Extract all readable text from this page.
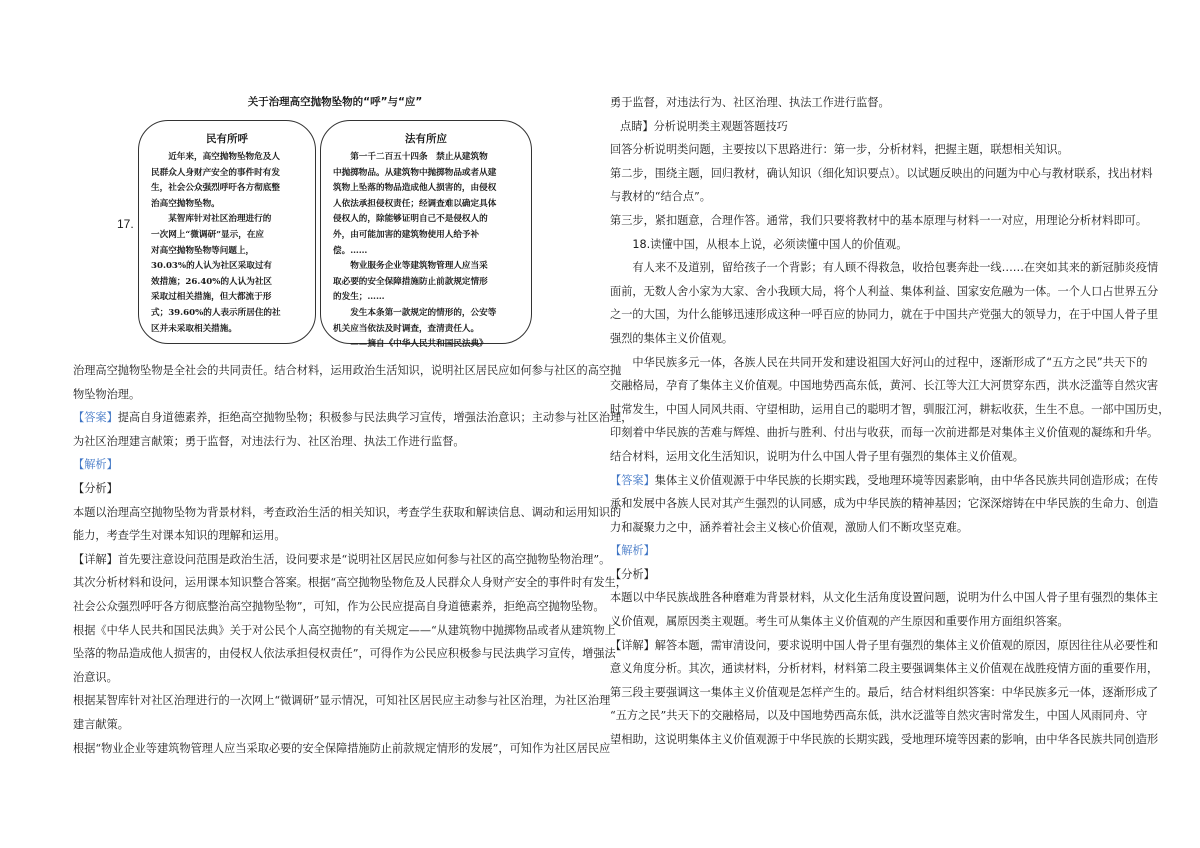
关于治理高空抛物坠物的“呼”与“应”
民有所呼
近年来，高空抛物坠物危及人
民群众人身财产安全的事件时有发
生，社会公众强烈呼吁各方彻底整
治高空抛物坠物。
某智库针对社区治理进行的
一次网上“微调研”显示，在应
对高空抛物坠物等问题上，
30.03%的人认为社区采取过有
效措施；26.40%的人认为社区
采取过相关措施，但大都流于形
式；39.60%的人表示所居住的社
区并未采取相关措施。
法有所应
第一千二百五十四条　禁止从建筑物
中抛掷物品。从建筑物中抛掷物品或者从建
筑物上坠落的物品造成他人损害的，由侵权
人依法承担侵权责任；经调查难以确定具体
侵权人的，除能够证明自己不是侵权人的
外，由可能加害的建筑物使用人给予补
偿。……
物业服务企业等建筑物管理人应当采
取必要的安全保障措施防止前款规定情形
的发生；……
发生本条第一款规定的情形的，公安等
机关应当依法及时调查，查清责任人。
——摘自《中华人民共和国民法典》
17.

治理高空抛物坠物是全社会的共同责任。结合材料，运用政治生活知识，说明社区居民应如何参与社区的高空抛

物坠物治理。

【答案】提高自身道德素养，拒绝高空抛物坠物；积极参与民法典学习宣传，增强法治意识；主动参与社区治理，

为社区治理建言献策；勇于监督，对违法行为、社区治理、执法工作进行监督。

【解析】

【分析】

本题以治理高空抛物坠物为背景材料，考查政治生活的相关知识，考查学生获取和解读信息、调动和运用知识的

能力，考查学生对课本知识的理解和运用。

【详解】首先要注意设问范围是政治生活，设问要求是“说明社区居民应如何参与社区的高空抛物坠物治理”。

其次分析材料和设问，运用课本知识整合答案。根据“高空抛物坠物危及人民群众人身财产安全的事件时有发生，

社会公众强烈呼吁各方彻底整治高空抛物坠物”，可知，作为公民应提高自身道德素养，拒绝高空抛物坠物。

根据《中华人民共和国民法典》关于对公民个人高空抛物的有关规定——“从建筑物中抛掷物品或者从建筑物上

坠落的物品造成他人损害的，由侵权人依法承担侵权责任”，可得作为公民应积极参与民法典学习宣传，增强法

治意识。

根据某智库针对社区治理进行的一次网上“微调研”显示情况，可知社区居民应主动参与社区治理，为社区治理

建言献策。

根据“物业企业等建筑物管理人应当采取必要的安全保障措施防止前款规定情形的发展”，可知作为社区居民应

勇于监督，对违法行为、社区治理、执法工作进行监督。

点睛】分析说明类主观题答题技巧

回答分析说明类问题，主要按以下思路进行：第一步，分析材料，把握主题，联想相关知识。

第二步，围绕主题，回归教材，确认知识（细化知识要点）。以试题反映出的问题为中心与教材联系，找出材料

与教材的“结合点”。

第三步，紧扣题意，合理作答。通常，我们只要将教材中的基本原理与材料一一对应，用理论分析材料即可。

18.读懂中国，从根本上说，必须读懂中国人的价值观。

有人来不及道别，留给孩子一个背影；有人顾不得救急，收拾包裹奔赴一线……在突如其来的新冠肺炎疫情

面前，无数人舍小家为大家、舍小我顾大局，将个人利益、集体利益、国家安危融为一体。一个人口占世界五分

之一的大国，为什么能够迅速形成这种一呼百应的协同力，就在于中国共产党强大的领导力，在于中国人骨子里

强烈的集体主义价值观。

中华民族多元一体，各族人民在共同开发和建设祖国大好河山的过程中，逐渐形成了“五方之民”共天下的

交融格局，孕育了集体主义价值观。中国地势西高东低，黄河、长江等大江大河贯穿东西，洪水泛滥等自然灾害

时常发生，中国人同风共雨、守望相助，运用自己的聪明才智，驯服江河，耕耘收获，生生不息。一部中国历史，

印刻着中华民族的苦难与辉煌、曲折与胜利、付出与收获，而每一次前进都是对集体主义价值观的凝练和升华。

结合材料，运用文化生活知识，说明为什么中国人骨子里有强烈的集体主义价值观。

【答案】集体主义价值观源于中华民族的长期实践，受地理环境等因素影响，由中华各民族共同创造形成；在传

承和发展中各族人民对其产生强烈的认同感，成为中华民族的精神基因；它深深熔铸在中华民族的生命力、创造

力和凝聚力之中，涵养着社会主义核心价值观，激励人们不断攻坚克难。

【解析】

【分析】

本题以中华民族战胜各种磨难为背景材料，从文化生活角度设置问题，说明为什么中国人骨子里有强烈的集体主

义价值观，属原因类主观题。考生可从集体主义价值观的产生原因和重要作用方面组织答案。

【详解】解答本题，需审清设问，要求说明中国人骨子里有强烈的集体主义价值观的原因，原因往往从必要性和

意义角度分析。其次，通读材料，分析材料，材料第二段主要强调集体主义价值观在战胜疫情方面的重要作用，

第三段主要强调这一集体主义价值观是怎样产生的。最后，结合材料组织答案：中华民族多元一体，逐渐形成了

“五方之民”共天下的交融格局，以及中国地势西高东低，洪水泛滥等自然灾害时常发生，中国人风雨同舟、守

望相助，这说明集体主义价值观源于中华民族的长期实践，受地理环境等因素的影响，由中华各民族共同创造形
